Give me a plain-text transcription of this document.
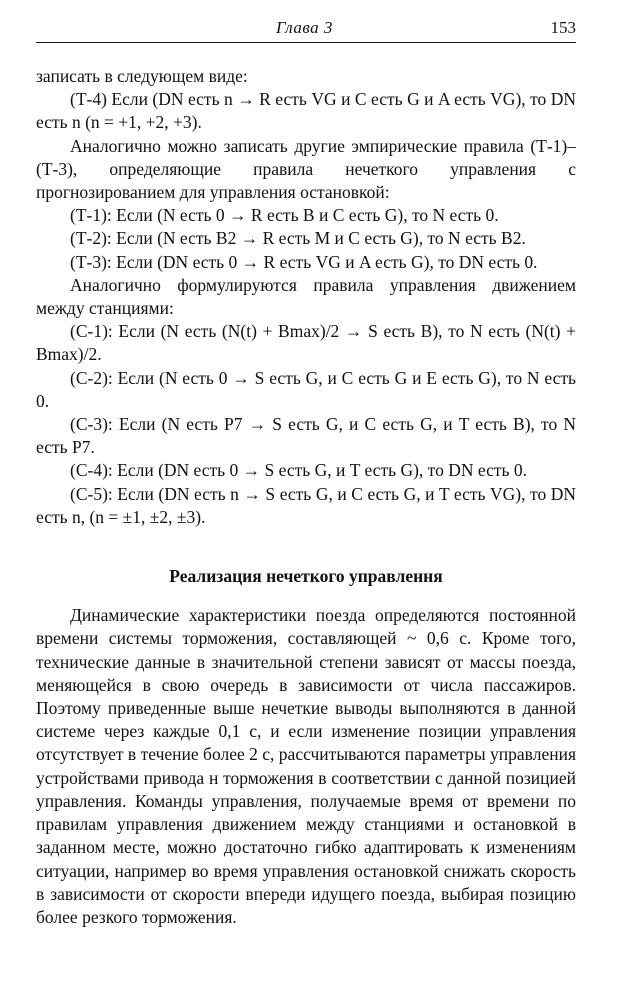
Глава 3	153

записать в следующем виде:

(Т-4) Если (DN есть n → R есть VG и C есть G и A есть VG), то DN есть n (n = +1, +2, +3).

Аналогично можно записать другие эмпирические правила (Т-1)–(Т-3), определяющие правила нечеткого управления с прогнозированием для управления остановкой:

(Т-1): Если (N есть 0 → R есть B и C есть G), то N есть 0.

(Т-2): Если (N есть B2 → R есть M и C есть G), то N есть B2.

(Т-3): Если (DN есть 0 → R есть VG и A есть G), то DN есть 0.

Аналогично формулируются правила управления движением между станциями:

(С-1): Если (N есть (N(t) + Bmax)/2 → S есть B), то N есть (N(t) + Bmax)/2.

(С-2): Если (N есть 0 → S есть G, и C есть G и E есть G), то N есть 0.

(С-3): Если (N есть P7 → S есть G, и C есть G, и T есть B), то N есть P7.

(С-4): Если (DN есть 0 → S есть G, и T есть G), то DN есть 0.

(С-5): Если (DN есть n → S есть G, и C есть G, и T есть VG), то DN есть n, (n = ±1, ±2, ±3).

Реализация нечеткого управлення

Динамические характеристики поезда определяются постоянной времени системы торможения, составляющей ~ 0,6 с. Кроме того, технические данные в значительной степени зависят от массы поезда, меняющейся в свою очередь в зависимости от числа пассажиров. Поэтому приведенные выше нечеткие выводы выполняются в данной системе через каждые 0,1 с, и если изменение позиции управления отсутствует в течение более 2 с, рассчитываются параметры управления устройствами привода н торможения в соответствии с данной позицией управления. Команды управления, получаемые время от времени по правилам управления движением между станциями и остановкой в заданном месте, можно достаточно гибко адаптировать к изменениям ситуации, например во время управления остановкой снижать скорость в зависимости от скорости впереди идущего поезда, выбирая позицию более резкого торможения.
